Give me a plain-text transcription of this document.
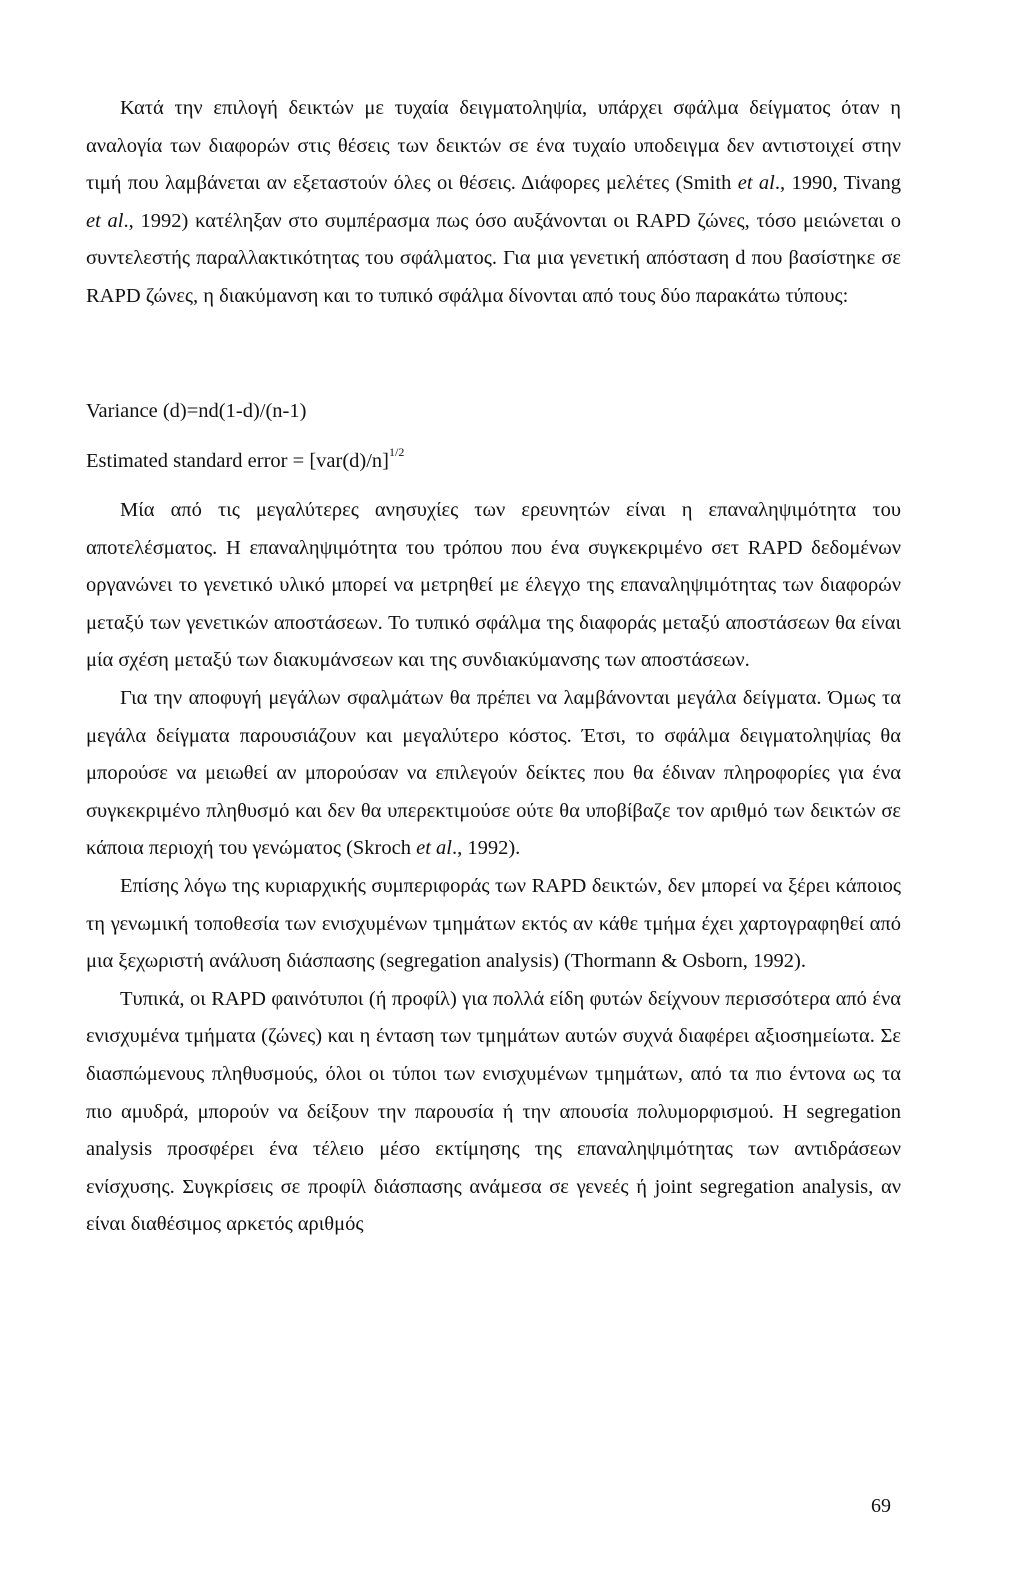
Κατά την επιλογή δεικτών με τυχαία δειγματοληψία, υπάρχει σφάλμα δείγματος όταν η αναλογία των διαφορών στις θέσεις των δεικτών σε ένα τυχαίο υποδειγμα δεν αντιστοιχεί στην τιμή που λαμβάνεται αν εξεταστούν όλες οι θέσεις. Διάφορες μελέτες (Smith et al., 1990, Tivang et al., 1992) κατέληξαν στο συμπέρασμα πως όσο αυξάνονται οι RAPD ζώνες, τόσο μειώνεται ο συντελεστής παραλλακτικότητας του σφάλματος. Για μια γενετική απόσταση d που βασίστηκε σε RAPD ζώνες, η διακύμανση και το τυπικό σφάλμα δίνονται από τους δύο παρακάτω τύπους:

Variance (d)=nd(1-d)/(n-1)
Estimated standard error = $[var(d)/n]^{1/2}$

Μία από τις μεγαλύτερες ανησυχίες των ερευνητών είναι η επαναληψιμότητα του αποτελέσματος. Η επαναληψιμότητα του τρόπου που ένα συγκεκριμένο σετ RAPD δεδομένων οργανώνει το γενετικό υλικό μπορεί να μετρηθεί με έλεγχο της επαναληψιμότητας των διαφορών μεταξύ των γενετικών αποστάσεων. Το τυπικό σφάλμα της διαφοράς μεταξύ αποστάσεων θα είναι μία σχέση μεταξύ των διακυμάνσεων και της συνδιακύμανσης των αποστάσεων.

Για την αποφυγή μεγάλων σφαλμάτων θα πρέπει να λαμβάνονται μεγάλα δείγματα. Όμως τα μεγάλα δείγματα παρουσιάζουν και μεγαλύτερο κόστος. Έτσι, το σφάλμα δειγματοληψίας θα μπορούσε να μειωθεί αν μπορούσαν να επιλεγούν δείκτες που θα έδιναν πληροφορίες για ένα συγκεκριμένο πληθυσμό και δεν θα υπερεκτιμούσε ούτε θα υποβίβαζε τον αριθμό των δεικτών σε κάποια περιοχή του γενώματος (Skroch et al., 1992).

Επίσης λόγω της κυριαρχικής συμπεριφοράς των RAPD δεικτών, δεν μπορεί να ξέρει κάποιος τη γενωμική τοποθεσία των ενισχυμένων τμημάτων εκτός αν κάθε τμήμα έχει χαρτογραφηθεί από μια ξεχωριστή ανάλυση διάσπασης (segregation analysis) (Thormann & Osborn, 1992).

Τυπικά, οι RAPD φαινότυποι (ή προφίλ) για πολλά είδη φυτών δείχνουν περισσότερα από ένα ενισχυμένα τμήματα (ζώνες) και η ένταση των τμημάτων αυτών συχνά διαφέρει αξιοσημείωτα. Σε διασπώμενους πληθυσμούς, όλοι οι τύποι των ενισχυμένων τμημάτων, από τα πιο έντονα ως τα πιο αμυδρά, μπορούν να δείξουν την παρουσία ή την απουσία πολυμορφισμού. Η segregation analysis προσφέρει ένα τέλειο μέσο εκτίμησης της επαναληψιμότητας των αντιδράσεων ενίσχυσης. Συγκρίσεις σε προφίλ διάσπασης ανάμεσα σε γενεές ή joint segregation analysis, αν είναι διαθέσιμος αρκετός αριθμός

69
